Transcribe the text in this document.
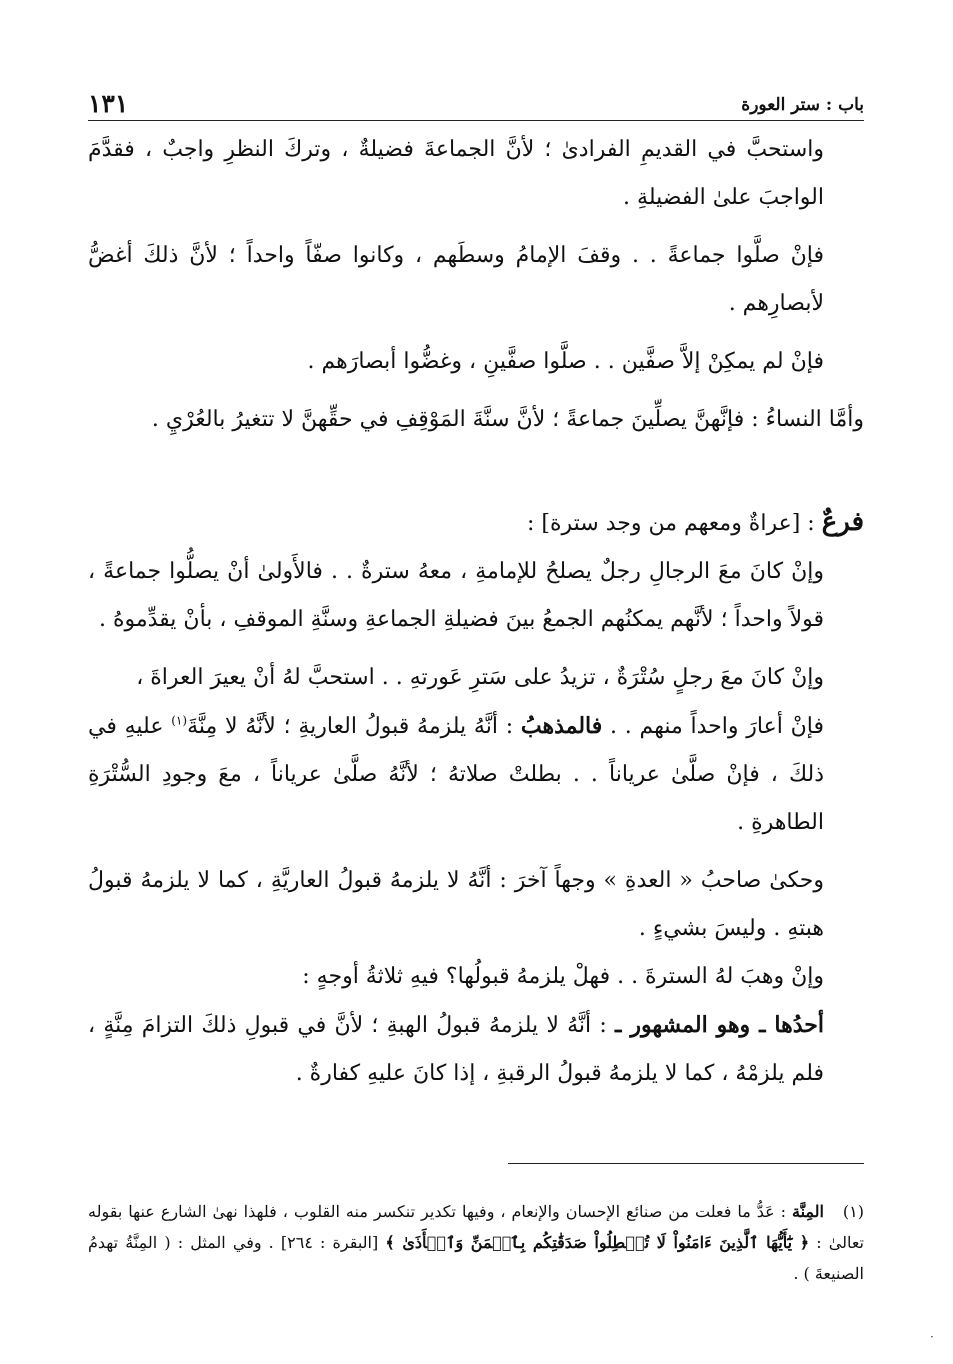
باب : ستر العورة
١٣١

واستحبَّ في القديمِ الفرادىٰ ؛ لأنَّ الجماعةَ فضيلةٌ ، وتركَ النظرِ واجبٌ ، فقدَّمَ الواجبَ علىٰ الفضيلةِ .

فإنْ صلَّوا جماعةً . . وقفَ الإمامُ وسطَهم ، وكانوا صفّاً واحداً ؛ لأنَّ ذلكَ أغضُّ لأبصارِهم .

فإنْ لم يمكِنْ إلاَّ صفَّين . . صلَّوا صفَّينِ ، وغضُّوا أبصارَهم .

وأمَّا النساءُ : فإنَّهنَّ يصلِّينَ جماعةً ؛ لأنَّ سنَّةَ المَوْقِفِ في حقِّهنَّ لا تتغيرُ بالعُرْيِ .

فرعٌ : [عراةٌ ومعهم من وجد سترة] :

وإنْ كانَ معَ الرجالِ رجلٌ يصلحُ للإمامةِ ، معهُ سترةٌ . . فالأَولىٰ أنْ يصلُّوا جماعةً ، قولاً واحداً ؛ لأنَّهم يمكنُهم الجمعُ بينَ فضيلةِ الجماعةِ وسنَّةِ الموقفِ ، بأنْ يقدِّموهُ .

وإنْ كانَ معَ رجلٍ سُتْرَةٌ ، تزيدُ على سَترِ عَورتهِ . . استحبَّ لهُ أنْ يعيرَ العراةَ ،

فإنْ أعارَ واحداً منهم . . فالمذهبُ : أنَّهُ يلزمهُ قبولُ العاريةِ ؛ لأنَّهُ لا مِنَّةَ$^{(١)}$ عليهِ في ذلكَ ، فإنْ صلَّىٰ عرياناً . . بطلتْ صلاتهُ ؛ لأنَّهُ صلَّىٰ عرياناً ، معَ وجودِ السُّتْرَةِ الطاهرةِ .

وحكىٰ صاحبُ « العدةِ » وجهاً آخرَ : أنَّهُ لا يلزمهُ قبولُ العاريَّةِ ، كما لا يلزمهُ قبولُ هبتهِ . وليسَ بشيءٍ .

وإنْ وهبَ لهُ السترةَ . . فهلْ يلزمهُ قبولُها؟ فيهِ ثلاثةُ أوجهٍ :

أحدُها ـ وهو المشهور ـ : أنَّهُ لا يلزمهُ قبولُ الهبةِ ؛ لأنَّ في قبولِ ذلكَ التزامَ مِنَّةٍ ، فلم يلزمْهُ ، كما لا يلزمهُ قبولُ الرقبةِ ، إذا كانَ عليهِ كفارةٌ .

(١)المِنَّة : عَدُّ ما فعلت من صنائع الإحسان والإنعام ، وفيها تكدير تنكسر منه القلوب ، فلهذا نهىٰ الشارع عنها بقوله تعالىٰ : ﴿ يَٰٓأَيُّهَا ٱلَّذِينَ ءَامَنُواْ لَا تُبۡطِلُواْ صَدَقَٰتِكُم بِٱلۡمَنِّ وَٱلۡأَذَىٰ ﴾ [البقرة : ٢٦٤] . وفي المثل : ( المِنَّةُ تهدمُ الصنيعةَ ) .
·
